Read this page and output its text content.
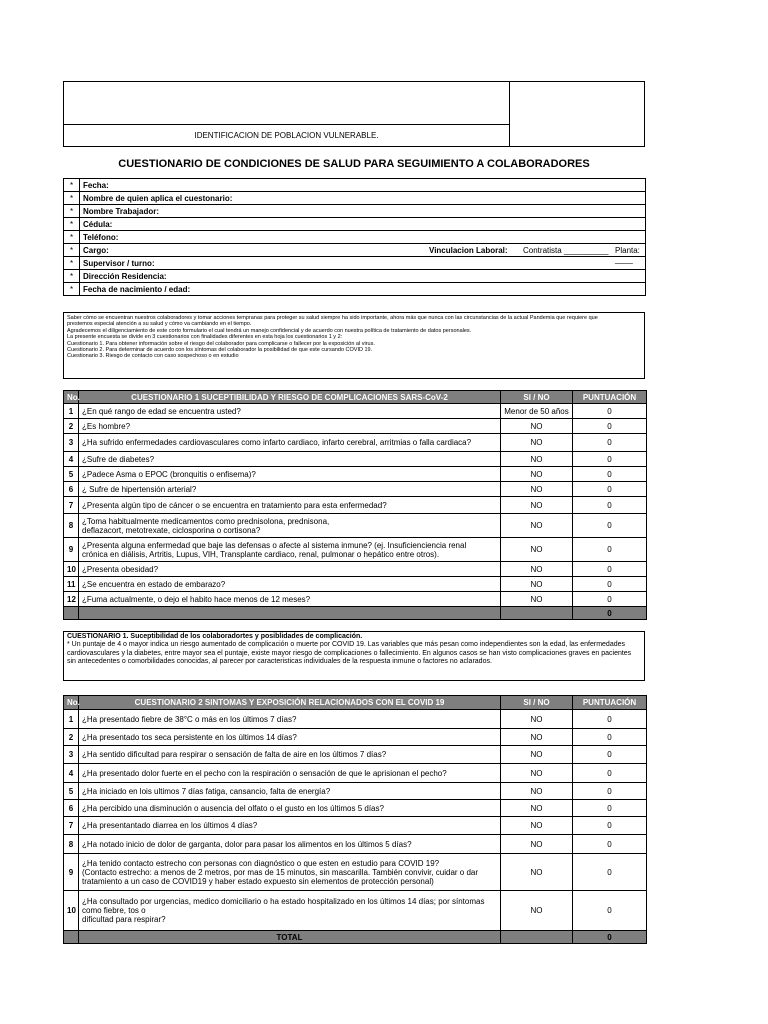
IDENTIFICACION DE POBLACION VULNERABLE.
CUESTIONARIO DE CONDICIONES DE SALUD PARA SEGUIMIENTO A COLABORADORES
*	Fecha:
*	Nombre de quien aplica el cuestonario:
*	Nombre Trabajador:
*	Cédula:
*	Teléfono:
*	Cargo: Vinculacion Laboral: Contratista __________ Planta: ____

*	Supervisor / turno:
*	Dirección Residencia:
*	Fecha de nacimiento / edad:
Saber cómo se encuentran nuestros colaboradores y tomar acciones tempranas para proteger su salud siempre ha sido importante, ahora más que nunca con las circunstancias de la actual Pandemia que requiere que
prestemos especial atención a su salud y cómo va cambiando en el tiempo.
Agradecemos el diligenciamiento de este corto formulario el cual tendrá un manejo confidencial y de acuerdo con nuestra política de tratamiento de datos personales.
La presente encuesta se divide en 3 cuestionarios con finalidades diferentes en esta hoja los cuestionarios 1 y 2:
Cuestionario 1. Para obtener información sobre el riesgo del colaborador para complicarse o fallecer por la exposición al virus.
Cuestionario 2. Para determinar de acuerdo con los síntomas del colaborador la posibilidad de que este cursando COVID 19.
Cuestionario 3. Riesgo de contacto con caso sospechoso o en estudio
No.	CUESTIONARIO 1 SUCEPTIBILIDAD Y RIESGO DE COMPLICACIONES SARS-CoV-2	SI / NO	PUNTUACIÓN
1	¿En qué rango de edad se encuentra usted?	Menor de 50 años	0
2	¿Es hombre?	NO	0
3	¿Ha sufrido enfermedades cardiovasculares como infarto cardiaco, infarto cerebral, arritmias o falla cardiaca?	NO	0
4	¿Sufre de diabetes?	NO	0
5	¿Padece Asma o EPOC (bronquitis o enfisema)?	NO	0
6	¿ Sufre de hipertensión arterial?	NO	0
7	¿Presenta algún tipo de cáncer o se encuentra en tratamiento para esta enfermedad?	NO	0
8	¿Toma habitualmente medicamentos como prednisolona, prednisona,
deflazacort, metotrexate, ciclosporina o cortisona?	NO	0
9	¿Presenta alguna enfermedad que baje las defensas o afecte al sistema inmune? (ej. Insuficienciencia renal
crónica en diálisis, Artritis, Lupus, VIH, Transplante cardiaco, renal, pulmonar o hepático entre otros).	NO	0
10	¿Presenta obesidad?	NO	0
11	¿Se encuentra en estado de embarazo?	NO	0
12	¿Fuma actualmente, o dejo el habito hace menos de 12 meses?	NO	0
			0
CUESTIONARIO 1. Suceptibilidad de los colaboradortes y posiblidades de complicación.
* Un puntaje de 4 o mayor indica un riesgo aumentado de complicación o muerte por COVID 19. Las variables que más pesan como independientes son la edad, las enfermedades cardiovasculares y la diabetes, entre mayor sea el puntaje, existe mayor riesgo de complicaciones o fallecimiento. En algunos casos se han visto complicaciones graves en pacientes sin antecedentes o comorbilidades conocidas, al parecer por caracteristicas individuales de la respuesta inmune o factores no aclarados.
No.	CUESTIONARIO 2 SINTOMAS Y EXPOSICIÓN RELACIONADOS CON EL COVID 19	SI / NO	PUNTUACIÓN
1	¿Ha presentado fiebre de 38°C o más en los últimos 7 días?	NO	0
2	¿Ha presentado tos seca persistente en los últimos 14 días?	NO	0
3	¿Ha sentido dificultad para respirar o sensación de falta de aire en los últimos 7 días?	NO	0
4	¿Ha presentado dolor fuerte en el pecho con la respiración o sensación de que le aprisionan el pecho?	NO	0
5	¿Ha iniciado en lois ultimos 7 días fatiga, cansancio, falta de energía?	NO	0
6	¿Ha percibido una disminución o ausencia del olfato o el gusto en los últimos 5 días?	NO	0
7	¿Ha presentantado diarrea en los últimos 4 días?	NO	0
8	¿Ha notado inicio de dolor de garganta, dolor para pasar los alimentos en los últimos 5 días?	NO	0
9	¿Ha tenido contacto estrecho con personas con diagnóstico o que esten en estudio para COVID 19?
(Contacto estrecho: a menos de 2 metros, por mas de 15 minutos, sin mascarilla. También convivir, cuidar o dar
tratamiento a un caso de COVID19 y haber estado expuesto sin elementos de protección personal)	NO	0
10	¿Ha consultado por urgencias, medico domiciliario o ha estado hospitalizado en los últimos 14 días; por síntomas
como fiebre, tos o
dificultad para respirar?	NO	0
	TOTAL		0
